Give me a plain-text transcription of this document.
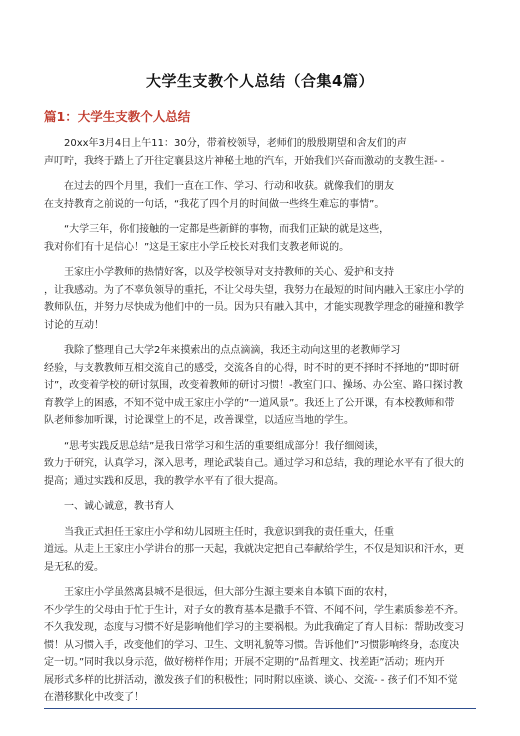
大学生支教个人总结（合集4篇）
篇1：大学生支教个人总结
20xx年3月4日上午11：30分，带着校领导，老师们的殷殷期望和舍友们的声
声叮咛，我终于踏上了开往定襄县这片神秘土地的汽车，开始我们兴奋而激动的支教生涯- -
在过去的四个月里，我们一直在工作、学习、行动和收获。就像我们的朋友
在支持教育之前说的一句话，“我花了四个月的时间做一些终生难忘的事情”。
“大学三年，你们接触的一定都是些新鲜的事物，而我们正缺的就是这些，
我对你们有十足信心！”这是王家庄小学丘校长对我们支教老师说的。
王家庄小学教师的热情好客，以及学校领导对支持教师的关心、爱护和支持
，让我感动。为了不辜负领导的重托，不让父母失望，我努力在最短的时间内融入王家庄小学的
教师队伍，并努力尽快成为他们中的一员。因为只有融入其中，才能实现教学理念的碰撞和教学
讨论的互动！
我除了整理自己大学2年来摸索出的点点滴滴，我还主动向这里的老教师学习
经验，与支教教师互相交流自己的感受，交流各自的心得，时不时的更不择时不择地的”即时研
讨”，改变着学校的研讨氛围，改变着教师的研讨习惯！-教室门口、操场、办公室、路口探讨教
育教学上的困惑，不知不觉中成王家庄小学的”一道风景”。我还上了公开课，有本校教师和带
队老师参加听课，讨论课堂上的不足，改善课堂，以适应当地的学生。
“思考实践反思总结”是我日常学习和生活的重要组成部分！我仔细阅读，
致力于研究，认真学习，深入思考，理论武装自己。通过学习和总结，我的理论水平有了很大的
提高；通过实践和反思，我的教学水平有了很大提高。
一、诚心诚意，教书育人
当我正式担任王家庄小学和幼儿园班主任时，我意识到我的责任重大，任重
道远。从走上王家庄小学讲台的那一天起，我就决定把自己奉献给学生，不仅是知识和汗水，更
是无私的爱。
王家庄小学虽然离县城不是很远，但大部分生源主要来自本镇下面的农村，
不少学生的父母由于忙于生计，对子女的教育基本是撒手不管、不闻不问，学生素质参差不齐。
不久我发现，态度与习惯不好是影响他们学习的主要祸根。为此我确定了育人目标：帮助改变习
惯！从习惯入手，改变他们的学习、卫生、文明礼貌等习惯。告诉他们”习惯影响终身，态度决
定一切。”同时我以身示范，做好榜样作用；开展不定期的”品哲理文、找差距”活动；班内开
展形式多样的比拼活动，激发孩子们的积极性；同时附以座谈、谈心、交流- - 孩子们不知不觉
在潜移默化中改变了！
